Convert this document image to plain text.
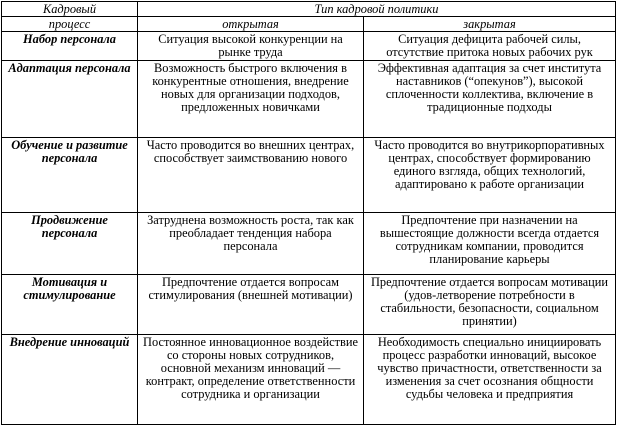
Кадровый	Тип кадровой политики	
процесс	открытая	закрытая
Набор персонала	Ситуация высокой конкуренции на рынке труда	Ситуация дефицита рабочей силы, отсутствие притока новых рабочих рук
Адаптация персонала	Возможность быстрого включения в конкурентные отношения, внедрение новых для организации подходов, предложенных новичками	Эффективная адаптация за счет института наставников (“опекунов”), высокой сплоченности коллектива, включение в традиционные подходы
Обучение и развитие персонала	Часто проводится во внешних центрах, способствует заимствованию нового	Часто проводится во внутрикорпоративных центрах, способствует формированию единого взгляда, общих технологий, адаптировано к работе организации
Продвижение персонала	Затруднена возможность роста, так как преобладает тенденция набора персонала	Предпочтение при назначении на вышестоящие должности всегда отдается сотрудникам компании, проводится планирование карьеры
Мотивация и стимулирование	Предпочтение отдается вопросам стимулирования (внешней мотивации)	Предпочтение отдается вопросам мотивации (удов-летворение потребности в стабильности, безопасности, социальном принятии)
Внедрение инноваций	Постоянное инновационное воздействие со стороны новых сотрудников, основной механизм инноваций — контракт, определение ответственности сотрудника и организации	Необходимость специально инициировать процесс разработки инноваций, высокое чувство причастности, ответственности за изменения за счет осознания общности судьбы человека и предприятия
